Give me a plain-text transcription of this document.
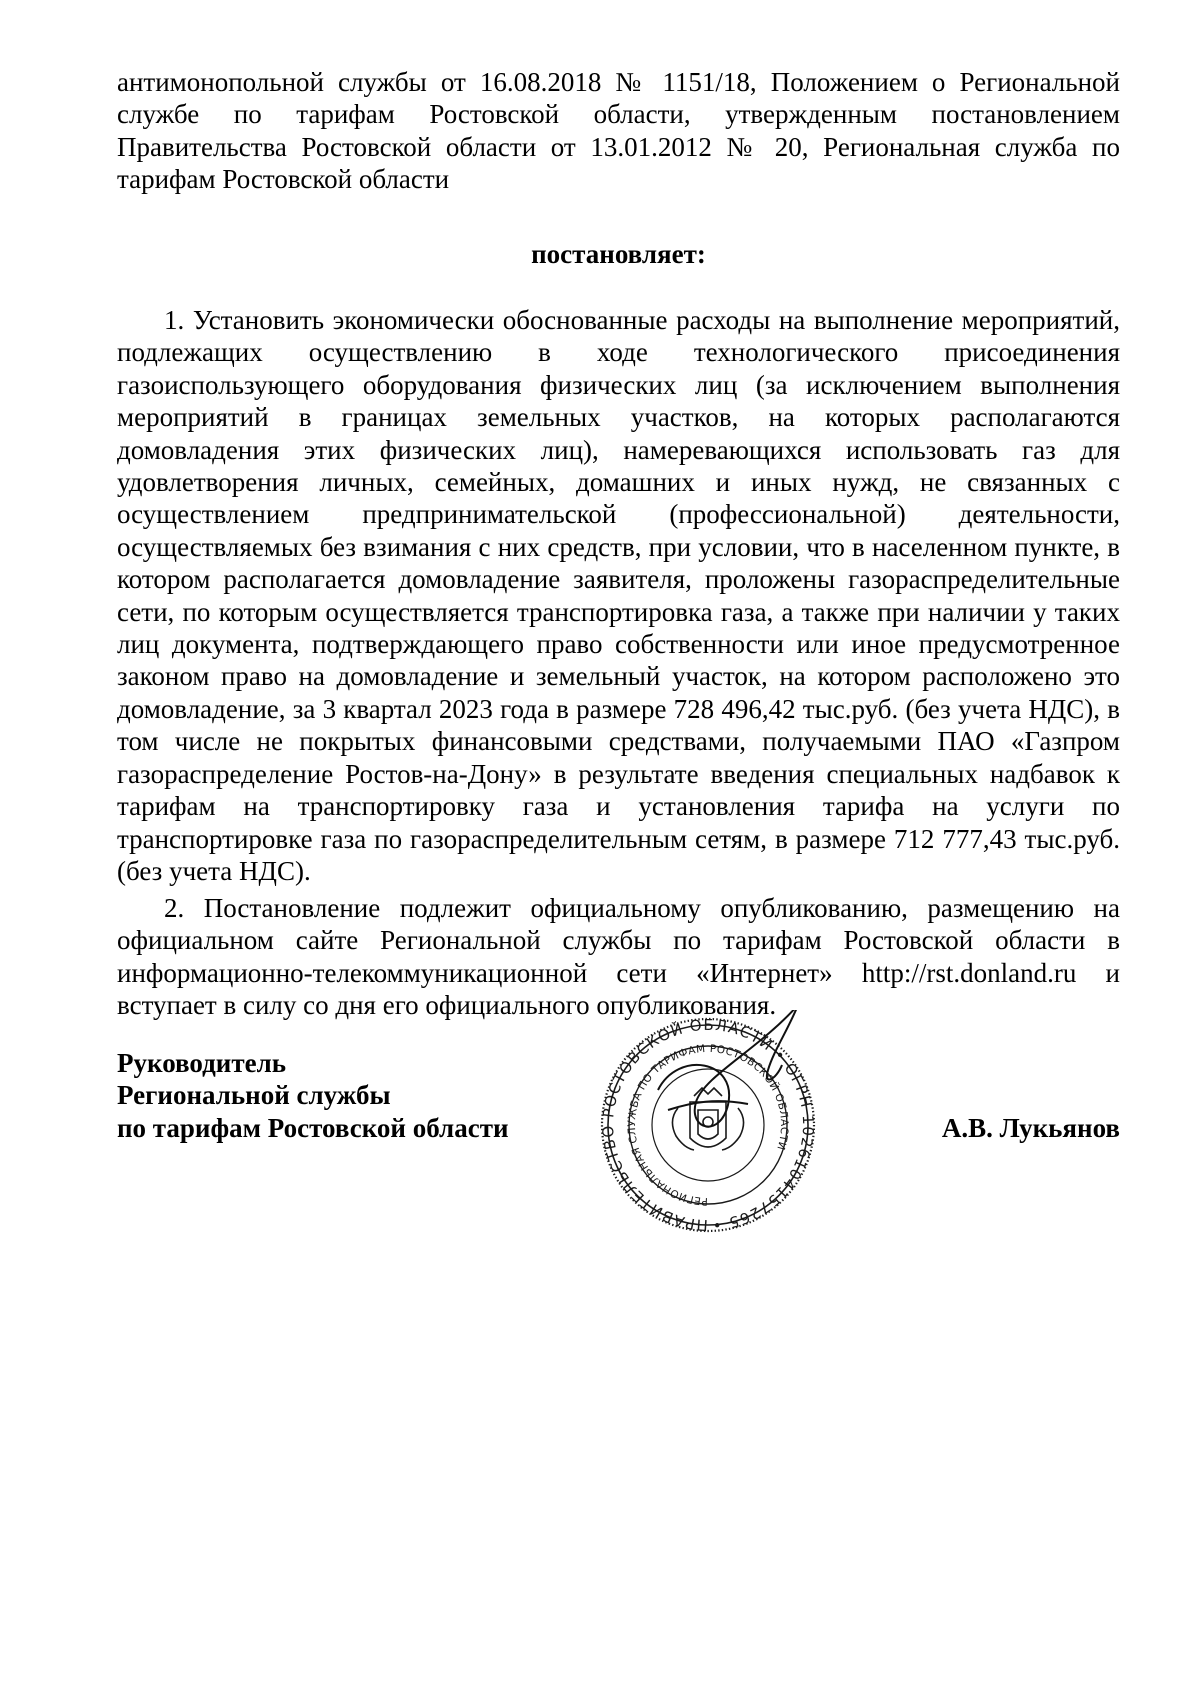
антимонопольной службы от 16.08.2018 № 1151/18, Положением о Региональной службе по тарифам Ростовской области, утвержденным постановлением Правительства Ростовской области от 13.01.2012 № 20, Региональная служба по тарифам Ростовской области

постановляет:

1. Установить экономически обоснованные расходы на выполнение мероприятий, подлежащих осуществлению в ходе технологического присоединения газоиспользующего оборудования физических лиц (за исключением выполнения мероприятий в границах земельных участков, на которых располагаются домовладения этих физических лиц), намеревающихся использовать газ для удовлетворения личных, семейных, домашних и иных нужд, не связанных с осуществлением предпринимательской (профессиональной) деятельности, осуществляемых без взимания с них средств, при условии, что в населенном пункте, в котором располагается домовладение заявителя, проложены газораспределительные сети, по которым осуществляется транспортировка газа, а также при наличии у таких лиц документа, подтверждающего право собственности или иное предусмотренное законом право на домовладение и земельный участок, на котором расположено это домовладение, за 3 квартал 2023 года в размере 728 496,42 тыс.руб. (без учета НДС), в том числе не покрытых финансовыми средствами, получаемыми ПАО «Газпром газораспределение Ростов-на-Дону» в результате введения специальных надбавок к тарифам на транспортировку газа и установления тарифа на услуги по транспортировке газа по газораспределительным сетям, в размере 712 777,43 тыс.руб. (без учета НДС).

2. Постановление подлежит официальному опубликованию, размещению на официальном сайте Региональной службы по тарифам Ростовской области в информационно-телекоммуникационной сети «Интернет» http://rst.donland.ru и вступает в силу со дня его официального опубликования.

Руководитель
Региональной службы
по тарифам Ростовской области	А.В. Лукьянов
ПРАВИТЕЛЬСТВО РОСТОВСКОЙ ОБЛАСТИ • ОГРН 1026104157265 •
РЕГИОНАЛЬНАЯ СЛУЖБА ПО ТАРИФАМ РОСТОВСКОЙ ОБЛАСТИ
